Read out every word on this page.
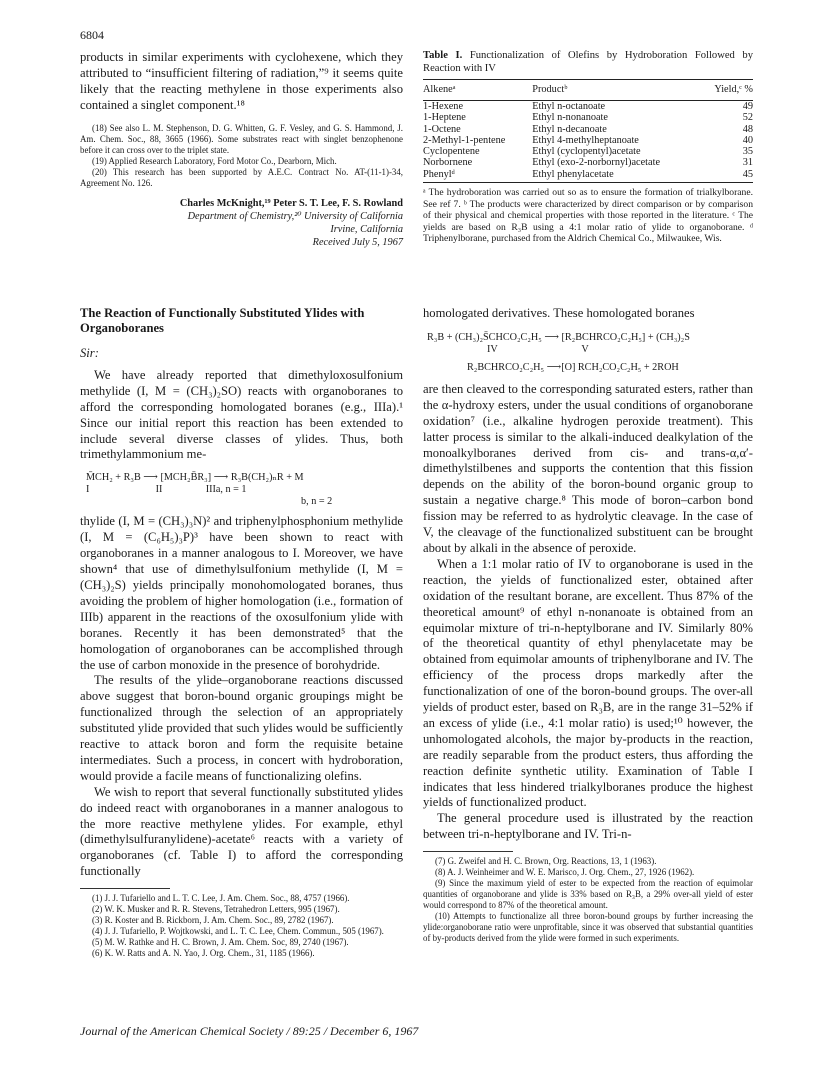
6804

products in similar experiments with cyclohexene, which they attributed to “insufficient filtering of radiation,”⁹ it seems quite likely that the reacting methylene in those experiments also contained a singlet component.¹⁸

(18) See also L. M. Stephenson, D. G. Whitten, G. F. Vesley, and G. S. Hammond, J. Am. Chem. Soc., 88, 3665 (1966). Some substrates react with singlet benzophenone before it can cross over to the triplet state.

(19) Applied Research Laboratory, Ford Motor Co., Dearborn, Mich.

(20) This research has been supported by A.E.C. Contract No. AT-(11-1)-34, Agreement No. 126.

Charles McKnight,¹⁹ Peter S. T. Lee, F. S. Rowland
Department of Chemistry,²⁰ University of California
Irvine, California
Received July 5, 1967
Table I. Functionalization of Olefins by Hydroboration Followed by Reaction with IV
Alkeneᵃ	Productᵇ	Yield,ᶜ %
1-Hexene	Ethyl n-octanoate	49
1-Heptene	Ethyl n-nonanoate	52
1-Octene	Ethyl n-decanoate	48
2-Methyl-1-pentene	Ethyl 4-methylheptanoate	40
Cyclopentene	Ethyl (cyclopentyl)acetate	35
Norbornene	Ethyl (exo-2-norbornyl)acetate	31
Phenylᵈ	Ethyl phenylacetate	45

ᵃ The hydroboration was carried out so as to ensure the formation of trialkylborane. See ref 7. ᵇ The products were characterized by direct comparison or by comparison of their physical and chemical properties with those reported in the literature. ᶜ The yields are based on R₃B using a 4:1 molar ratio of ylide to organoborane. ᵈ Triphenylborane, purchased from the Aldrich Chemical Co., Milwaukee, Wis.

The Reaction of Functionally Substituted Ylides with Organoboranes

Sir:

We have already reported that dimethyloxosulfonium methylide (I, M = (CH₃)₂SO) reacts with organoboranes to afford the corresponding homologated boranes (e.g., IIIa).¹ Since our initial report this reaction has been extended to include several diverse classes of ylides. Thus, both trimethylammonium me-

M̄CH₂ + R₃B ⟶ [MCH₂B̄R₃] ⟶ R₃B(CH₂)ₙR + M
I                          II                 IIIa, n = 1
b, n = 2

thylide (I, M = (CH₃)₃N)² and triphenylphosphonium methylide (I, M = (C₆H₅)₃P)³ have been shown to react with organoboranes in a manner analogous to I. Moreover, we have shown⁴ that use of dimethylsulfonium methylide (I, M = (CH₃)₂S) yields principally monohomologated boranes, thus avoiding the problem of higher homologation (i.e., formation of IIIb) apparent in the reactions of the oxosulfonium ylide with boranes. Recently it has been demonstrated⁵ that the homologation of organoboranes can be accomplished through the use of carbon monoxide in the presence of borohydride.

The results of the ylide–organoborane reactions discussed above suggest that boron-bound organic groupings might be functionalized through the selection of an appropriately substituted ylide provided that such ylides would be sufficiently reactive to attack boron and form the requisite betaine intermediates. Such a process, in concert with hydroboration, would provide a facile means of functionalizing olefins.

We wish to report that several functionally substituted ylides do indeed react with organoboranes in a manner analogous to the more reactive methylene ylides. For example, ethyl (dimethylsulfuranylidene)-acetate⁶ reacts with a variety of organoboranes (cf. Table I) to afford the corresponding functionally

(1) J. J. Tufariello and L. T. C. Lee, J. Am. Chem. Soc., 88, 4757 (1966).

(2) W. K. Musker and R. R. Stevens, Tetrahedron Letters, 995 (1967).

(3) R. Koster and B. Rickborn, J. Am. Chem. Soc., 89, 2782 (1967).

(4) J. J. Tufariello, P. Wojtkowski, and L. T. C. Lee, Chem. Commun., 505 (1967).

(5) M. W. Rathke and H. C. Brown, J. Am. Chem. Soc, 89, 2740 (1967).

(6) K. W. Ratts and A. N. Yao, J. Org. Chem., 31, 1185 (1966).

homologated derivatives. These homologated boranes

R₃B + (CH₃)₂S̄CHCO₂C₂H₅ ⟶ [R₂BCHRCO₂C₂H₅] + (CH₃)₂S
IV                                 V
R₂BCHRCO₂C₂H₅ ⟶[O] RCH₂CO₂C₂H₅ + 2ROH

are then cleaved to the corresponding saturated esters, rather than the α-hydroxy esters, under the usual conditions of organoborane oxidation⁷ (i.e., alkaline hydrogen peroxide treatment). This latter process is similar to the alkali-induced dealkylation of the monoalkylboranes derived from cis- and trans-α,α′-dimethylstilbenes and supports the contention that this fission depends on the ability of the boron-bound organic group to sustain a negative charge.⁸ This mode of boron–carbon bond fission may be referred to as hydrolytic cleavage. In the case of V, the cleavage of the functionalized substituent can be brought about by alkali in the absence of peroxide.

When a 1:1 molar ratio of IV to organoborane is used in the reaction, the yields of functionalized ester, obtained after oxidation of the resultant borane, are excellent. Thus 87% of the theoretical amount⁹ of ethyl n-nonanoate is obtained from an equimolar mixture of tri-n-heptylborane and IV. Similarly 80% of the theoretical quantity of ethyl phenylacetate may be obtained from equimolar amounts of triphenylborane and IV. The efficiency of the process drops markedly after the functionalization of one of the boron-bound groups. The over-all yields of product ester, based on R₃B, are in the range 31–52% if an excess of ylide (i.e., 4:1 molar ratio) is used;¹⁰ however, the unhomologated alcohols, the major by-products in the reaction, are readily separable from the product esters, thus affording the reaction definite synthetic utility. Examination of Table I indicates that less hindered trialkylboranes produce the highest yields of functionalized product.

The general procedure used is illustrated by the reaction between tri-n-heptylborane and IV. Tri-n-

(7) G. Zweifel and H. C. Brown, Org. Reactions, 13, 1 (1963).

(8) A. J. Weinheimer and W. E. Marisco, J. Org. Chem., 27, 1926 (1962).

(9) Since the maximum yield of ester to be expected from the reaction of equimolar quantities of organoborane and ylide is 33% based on R₃B, a 29% over-all yield of ester would correspond to 87% of the theoretical amount.

(10) Attempts to functionalize all three boron-bound groups by further increasing the ylide:organoborane ratio were unprofitable, since it was observed that substantial quantities of by-products derived from the ylide were formed in such experiments.

Journal of the American Chemical Society / 89:25 / December 6, 1967
